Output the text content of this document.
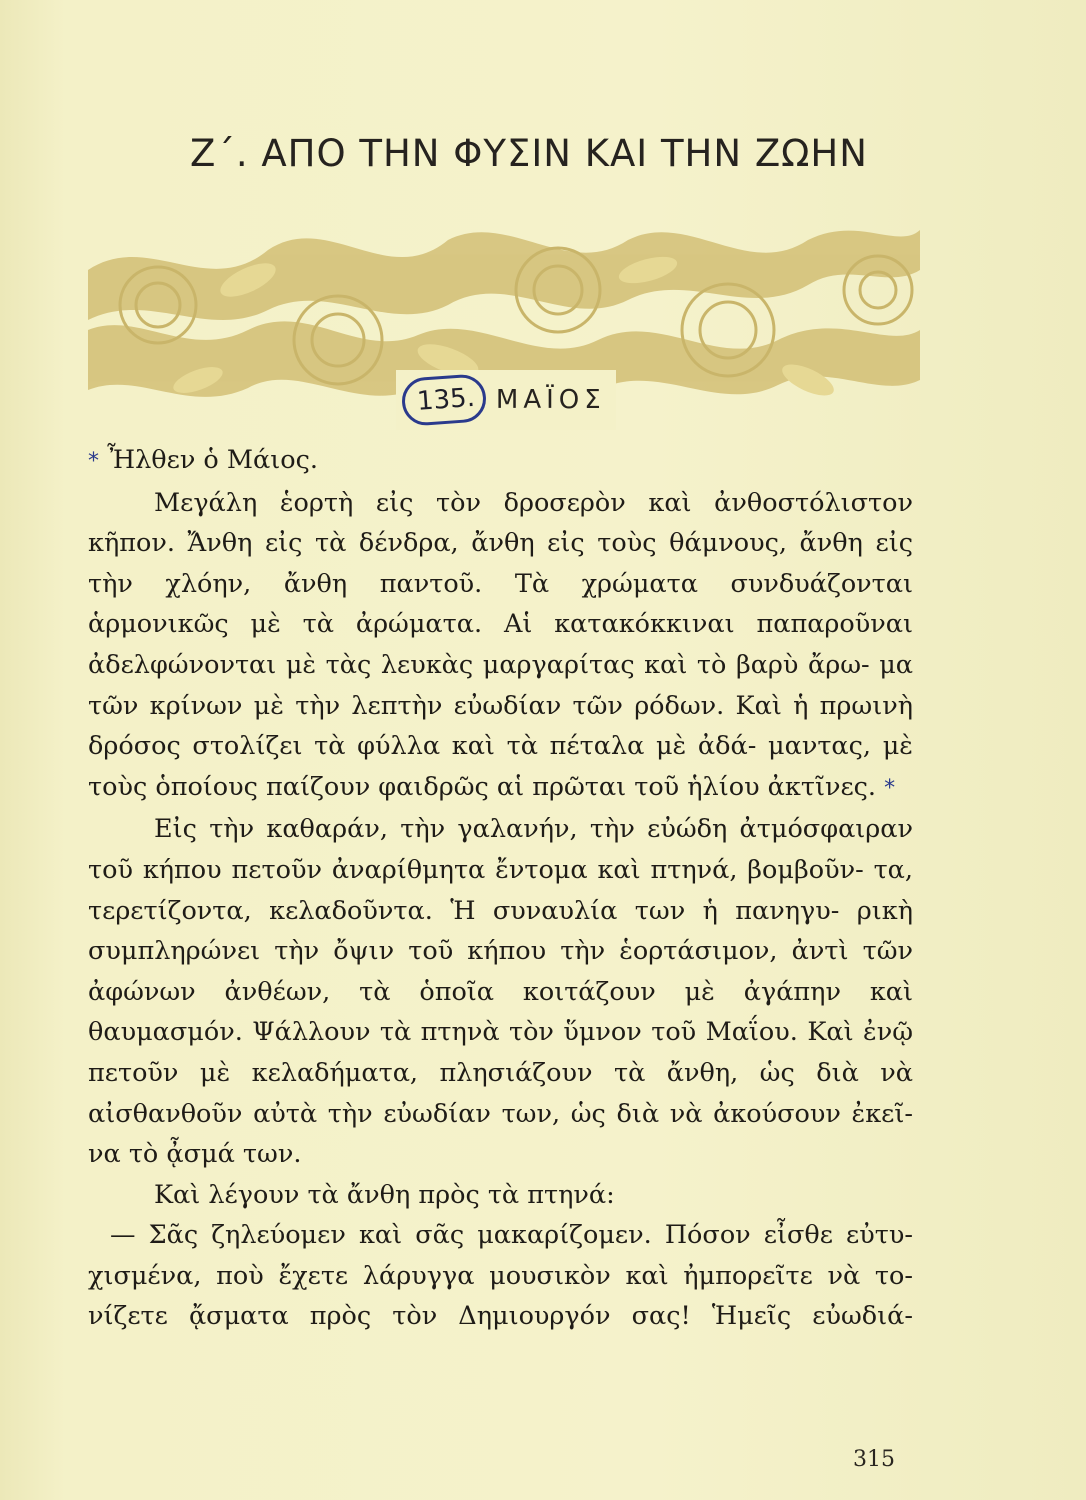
Ζ΄. ΑΠΟ ΤΗΝ ΦΥΣΙΝ ΚΑΙ ΤΗΝ ΖΩΗΝ
135. ΜΑΪΟΣ

* Ἦλθεν ὁ Μάιος.

Μεγάλη ἑορτὴ εἰς τὸν δροσερὸν καὶ ἀνθοστόλιστον κῆπον. Ἄνθη εἰς τὰ δένδρα, ἄνθη εἰς τοὺς θάμνους, ἄνθη εἰς τὴν χλόην, ἄνθη παντοῦ. Τὰ χρώματα συνδυάζονται ἁρμονικῶς μὲ τὰ ἀρώματα. Αἱ κατακόκκιναι παπαροῦναι ἀδελφώνονται μὲ τὰς λευκὰς μαργαρίτας καὶ τὸ βαρὺ ἄρω- μα τῶν κρίνων μὲ τὴν λεπτὴν εὐωδίαν τῶν ρόδων. Καὶ ἡ πρωινὴ δρόσος στολίζει τὰ φύλλα καὶ τὰ πέταλα μὲ ἀδά- μαντας, μὲ τοὺς ὁποίους παίζουν φαιδρῶς αἱ πρῶται τοῦ ἡλίου ἀκτῖνες. *

Εἰς τὴν καθαράν, τὴν γαλανήν, τὴν εὐώδη ἀτμόσφαιραν τοῦ κήπου πετοῦν ἀναρίθμητα ἔντομα καὶ πτηνά, βομβοῦν- τα, τερετίζοντα, κελαδοῦντα. Ἡ συναυλία των ἡ πανηγυ- ρικὴ συμπληρώνει τὴν ὄψιν τοῦ κήπου τὴν ἑορτάσιμον, ἀντὶ τῶν ἀφώνων ἀνθέων, τὰ ὁποῖα κοιτάζουν μὲ ἀγάπην καὶ θαυμασμόν. Ψάλλουν τὰ πτηνὰ τὸν ὕμνον τοῦ Μαΐου. Καὶ ἐνῷ πετοῦν μὲ κελαδήματα, πλησιάζουν τὰ ἄνθη, ὡς διὰ νὰ αἰσθανθοῦν αὐτὰ τὴν εὐωδίαν των, ὡς διὰ νὰ ἀκούσουν ἐκεῖ- να τὸ ᾆσμά των.

Καὶ λέγουν τὰ ἄνθη πρὸς τὰ πτηνά:

— Σᾶς ζηλεύομεν καὶ σᾶς μακαρίζομεν. Πόσον εἶσθε εὐτυ- χισμένα, ποὺ ἔχετε λάρυγγα μουσικὸν καὶ ἠμπορεῖτε νὰ το- νίζετε ᾄσματα πρὸς τὸν Δημιουργόν σας! Ἡμεῖς εὐωδιά-

315
